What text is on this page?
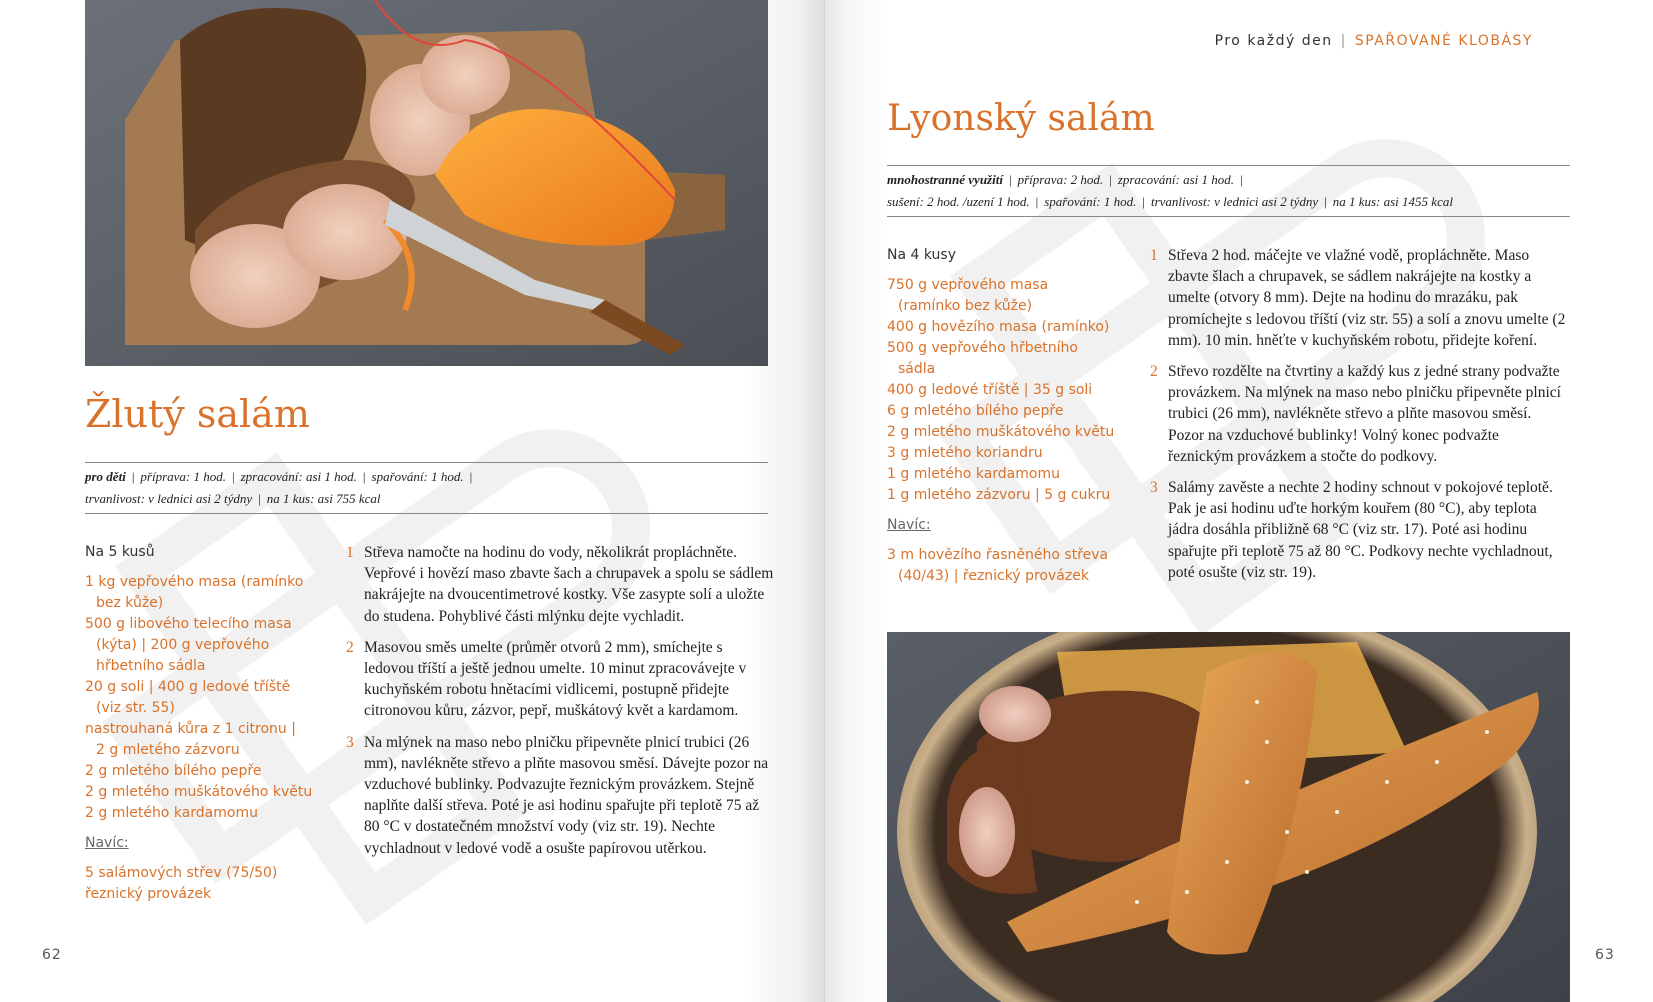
Žlutý salám
pro děti | příprava: 1 hod. | zpracování: asi 1 hod. | spařování: 1 hod. |
trvanlivost: v lednici asi 2 týdny | na 1 kus: asi 755 kcal
Na 5 kusů
1 kg vepřového masa (ramínko
bez kůže)
500 g libového telecího masa
(kýta) | 200 g vepřového
hřbetního sádla
20 g soli | 400 g ledové tříště
(viz str. 55)
nastrouhaná kůra z 1 citronu |
2 g mletého zázvoru
2 g mletého bílého pepře
2 g mletého muškátového květu
2 g mletého kardamomu
Navíc:
5 salámových střev (75/50)
řeznický provázek
1 Střeva namočte na hodinu do vody, několikrát propláchněte. Vepřové i hovězí maso zbavte šach a chrupavek a spolu se sádlem nakrájejte na dvoucentimetrové kostky. Vše zasypte solí a uložte do studena. Pohyblivé části mlýnku dejte vychladit.
2 Masovou směs umelte (průměr otvorů 2 mm), smíchejte s ledovou tříští a ještě jednou umelte. 10 minut zpracovávejte v kuchyňském robotu hnětacími vidlicemi, postupně přidejte citronovou kůru, zázvor, pepř, muškátový květ a kardamom.
3 Na mlýnek na maso nebo plničku připevněte plnicí trubici (26 mm), navlékněte střevo a plňte masovou směsí. Dávejte pozor na vzduchové bublinky. Podvazujte řeznickým provázkem. Stejně naplňte další střeva. Poté je asi hodinu spařujte při teplotě 75 až 80 °C v dostatečném množství vody (viz str. 19). Nechte vychladnout v ledové vodě a osušte papírovou utěrkou.
62
Pro každý den | SPAŘOVANÉ KLOBÁSY
Lyonský salám
mnohostranné využití | příprava: 2 hod. | zpracování: asi 1 hod. |
sušení: 2 hod. /uzení 1 hod. | spařování: 1 hod. | trvanlivost: v lednici asi 2 týdny | na 1 kus: asi 1455 kcal
Na 4 kusy
750 g vepřového masa
(ramínko bez kůže)
400 g hovězího masa (ramínko)
500 g vepřového hřbetního
sádla
400 g ledové tříště | 35 g soli
6 g mletého bílého pepře
2 g mletého muškátového květu
3 g mletého koriandru
1 g mletého kardamomu
1 g mletého zázvoru | 5 g cukru
Navíc:
3 m hovězího řasněného střeva
(40/43) | řeznický provázek
1 Střeva 2 hod. máčejte ve vlažné vodě, propláchněte. Maso zbavte šlach a chrupavek, se sádlem nakrájejte na kostky a umelte (otvory 8 mm). Dejte na hodinu do mrazáku, pak promíchejte s ledovou tříští (viz str. 55) a solí a znovu umelte (2 mm). 10 min. hněťte v kuchyňském robotu, přidejte koření.
2 Střevo rozdělte na čtvrtiny a každý kus z jedné strany podvažte provázkem. Na mlýnek na maso nebo plničku připevněte plnicí trubici (26 mm), navlékněte střevo a plňte masovou směsí. Pozor na vzduchové bublinky! Volný konec podvažte řeznickým provázkem a stočte do podkovy.
3 Salámy zavěste a nechte 2 hodiny schnout v pokojové teplotě. Pak je asi hodinu uďte horkým kouřem (80 °C), aby teplota jádra dosáhla přibližně 68 °C (viz str. 17). Poté asi hodinu spařujte při teplotě 75 až 80 °C. Podkovy nechte vychladnout, poté osušte (viz str. 19).
63
